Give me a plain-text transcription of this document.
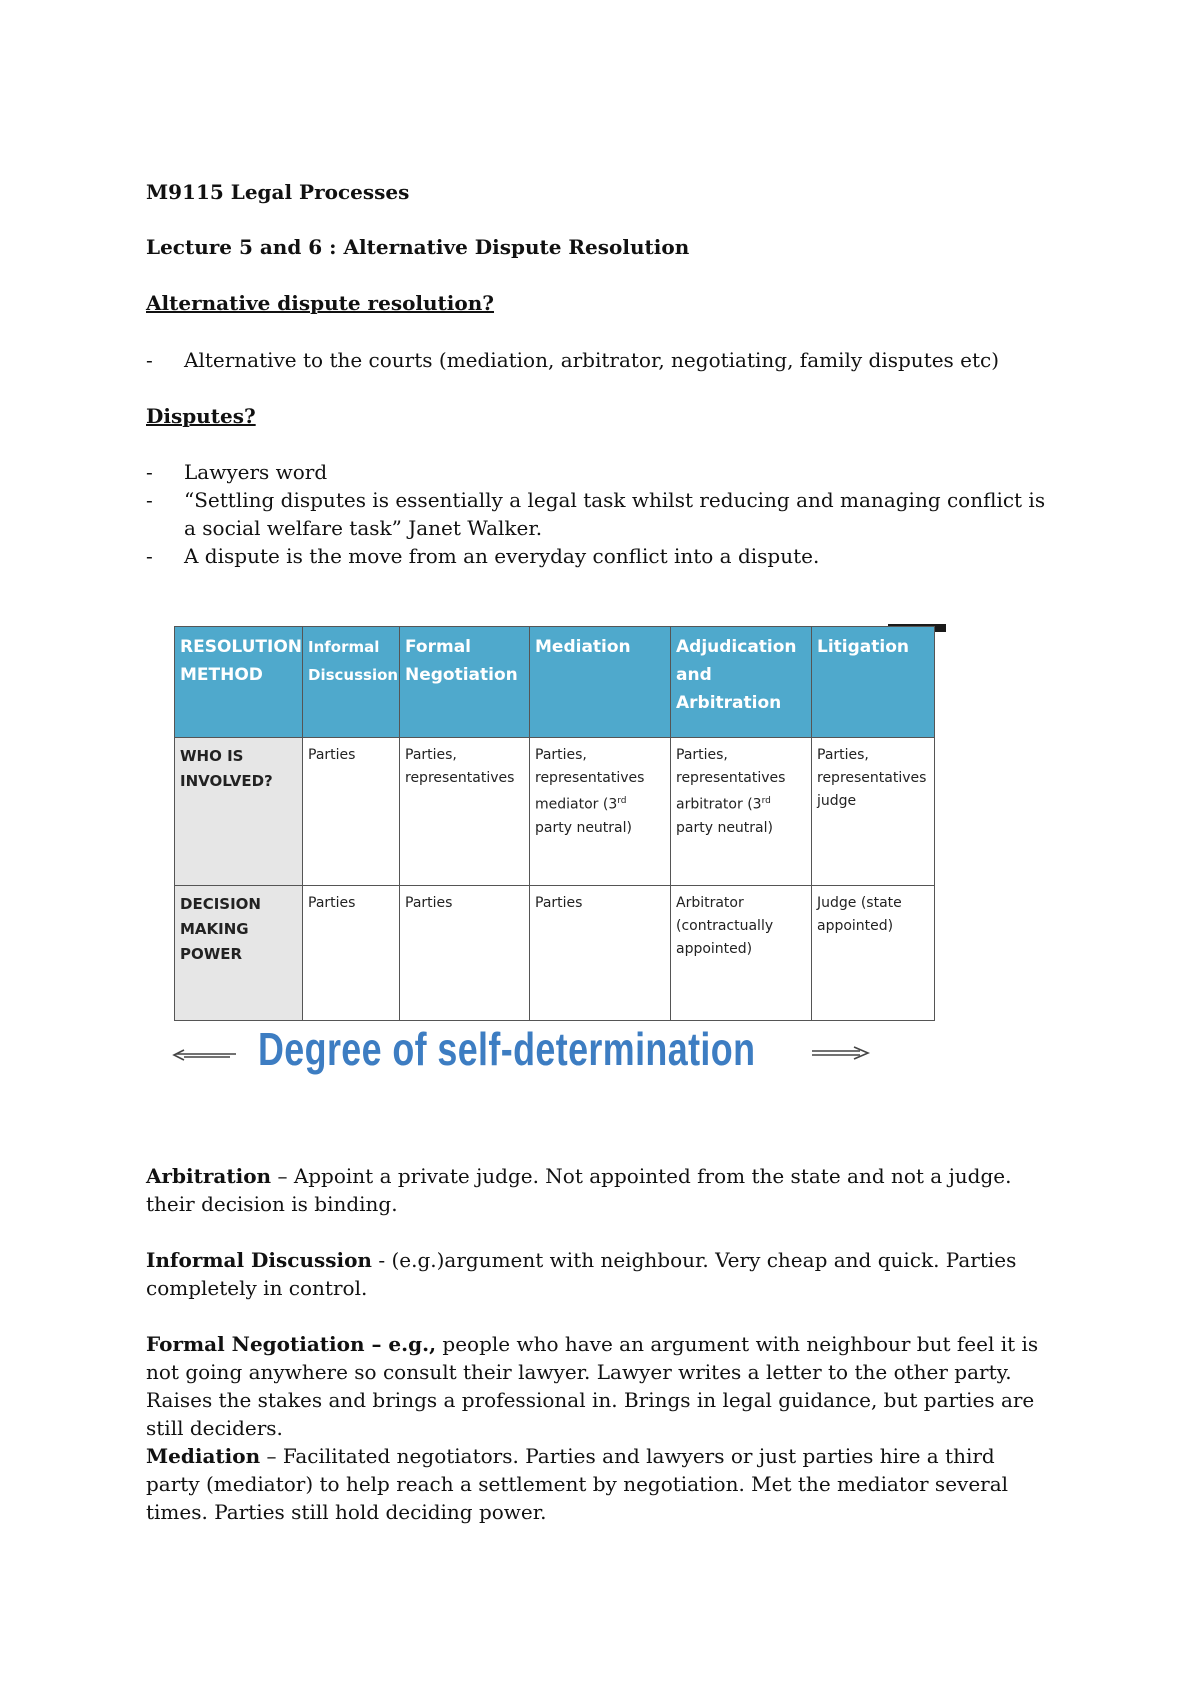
M9115 Legal Processes

Lecture 5 and 6 : Alternative Dispute Resolution

Alternative dispute resolution?

- Alternative to the courts (mediation, arbitrator, negotiating, family disputes etc)

Disputes?

- Lawyers word
- “Settling disputes is essentially a legal task whilst reducing and managing conflict is a social welfare task” Janet Walker.
- A dispute is the move from an everyday conflict into a dispute.
RESOLUTION METHOD	Informal Discussion	Formal Negotiation	Mediation	Adjudication and Arbitration	Litigation
WHO IS INVOLVED?	Parties	Parties, representatives	Parties, representatives mediator (3rd party neutral)	Parties, representatives arbitrator (3rd party neutral)	Parties, representatives judge
DECISION MAKING POWER	Parties	Parties	Parties	Arbitrator (contractually appointed)	Judge (state appointed)
Degree of self-determination

Arbitration – Appoint a private judge. Not appointed from the state and not a judge. their decision is binding.

Informal Discussion - (e.g.)argument with neighbour. Very cheap and quick. Parties completely in control.

Formal Negotiation – e.g., people who have an argument with neighbour but feel it is not going anywhere so consult their lawyer. Lawyer writes a letter to the other party. Raises the stakes and brings a professional in. Brings in legal guidance, but parties are still deciders.

Mediation – Facilitated negotiators. Parties and lawyers or just parties hire a third party (mediator) to help reach a settlement by negotiation. Met the mediator several times. Parties still hold deciding power.
